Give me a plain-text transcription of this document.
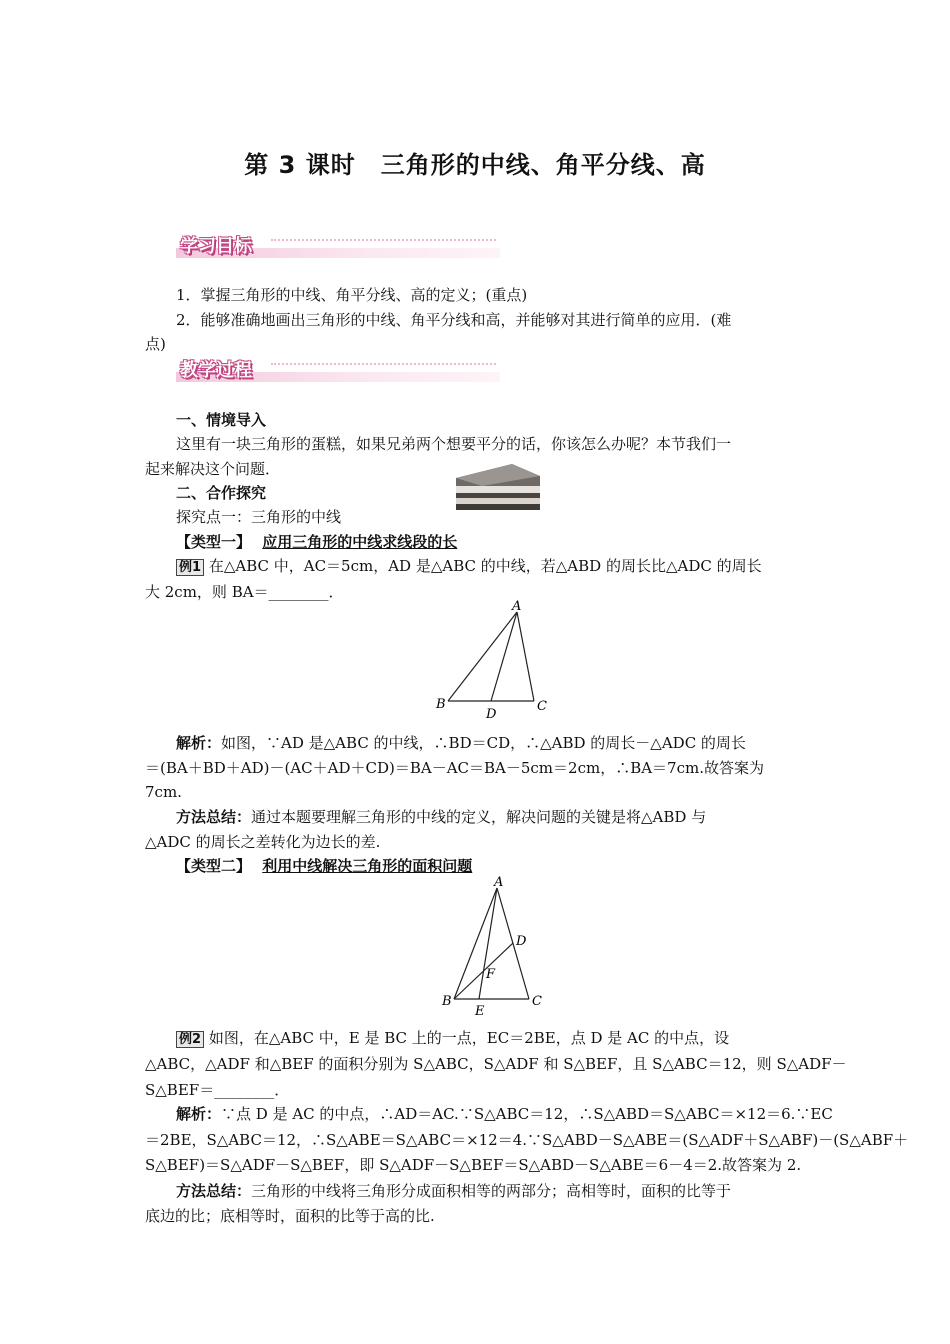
第 3 课时　三角形的中线、角平分线、高
学习目标
1．掌握三角形的中线、角平分线、高的定义；(重点)
2．能够准确地画出三角形的中线、角平分线和高，并能够对其进行简单的应用．(难
点)
教学过程
一、情境导入
这里有一块三角形的蛋糕，如果兄弟两个想要平分的话，你该怎么办呢？本节我们一
起来解决这个问题．
二、合作探究
探究点一：三角形的中线
【类型一】 应用三角形的中线求线段的长
例1 在△ABC 中，AC＝5cm，AD 是△ABC 的中线，若△ABD 的周长比△ADC 的周长
大 2cm，则 BA＝________．
A
B
D
C
解析：如图，∵AD 是△ABC 的中线，∴BD＝CD，∴△ABD 的周长－△ADC 的周长
＝(BA＋BD＋AD)－(AC＋AD＋CD)＝BA－AC＝BA－5cm＝2cm，∴BA＝7cm.故答案为
7cm.
方法总结：通过本题要理解三角形的中线的定义，解决问题的关键是将△ABD 与
△ADC 的周长之差转化为边长的差.
【类型二】 利用中线解决三角形的面积问题
A
D
F
B
E
C
例2 如图，在△ABC 中，E 是 BC 上的一点，EC＝2BE，点 D 是 AC 的中点，设
△ABC，△ADF 和△BEF 的面积分别为 S△ABC，S△ADF 和 S△BEF，且 S△ABC＝12，则 S△ADF－
S△BEF＝________．
解析：∵点 D 是 AC 的中点，∴AD＝AC.∵S△ABC＝12，∴S△ABD＝S△ABC＝×12＝6.∵EC
＝2BE，S△ABC＝12，∴S△ABE＝S△ABC＝×12＝4.∵S△ABD－S△ABE＝(S△ADF＋S△ABF)－(S△ABF＋
S△BEF)＝S△ADF－S△BEF，即 S△ADF－S△BEF＝S△ABD－S△ABE＝6－4＝2.故答案为 2.
方法总结：三角形的中线将三角形分成面积相等的两部分；高相等时，面积的比等于
底边的比；底相等时，面积的比等于高的比.
